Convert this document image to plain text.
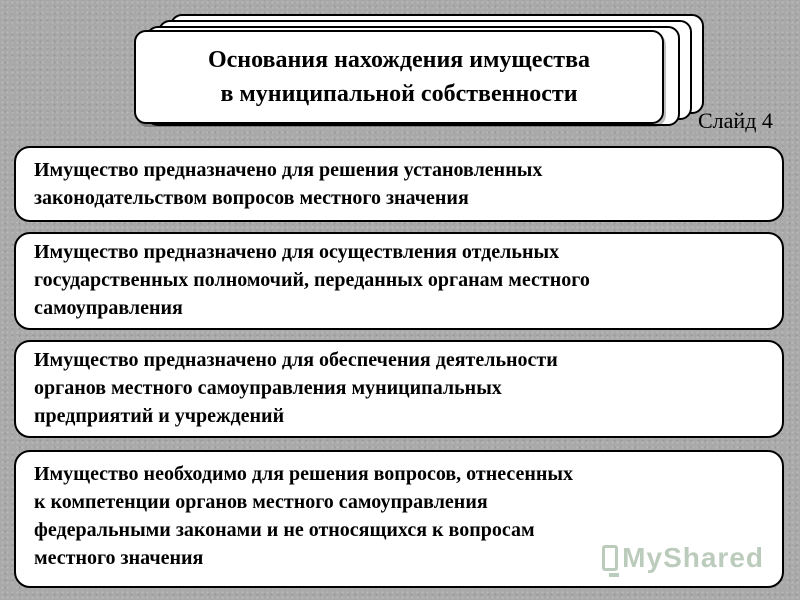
Основания нахождения имущества
в муниципальной собственности
Слайд 4
Имущество предназначено для решения установленных
законодательством вопросов местного значения
Имущество предназначено для осуществления отдельных
государственных полномочий, переданных органам местного
самоуправления
Имущество предназначено для обеспечения деятельности
органов местного самоуправления муниципальных
предприятий и учреждений
Имущество необходимо для решения вопросов, отнесенных
к компетенции органов местного самоуправления
федеральными законами и не относящихся к вопросам
местного значения	MyShared
